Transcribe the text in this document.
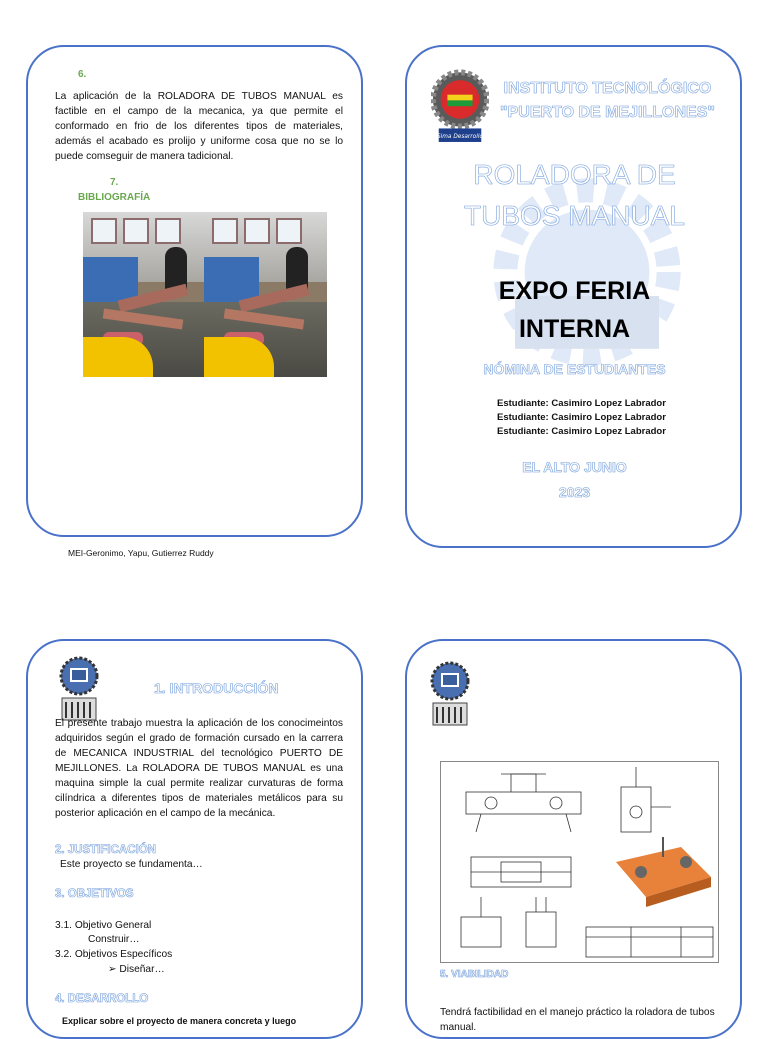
6.
La aplicación de la ROLADORA DE TUBOS MANUAL es factible en el campo de la mecanica, ya que permite el conformado en frio de los diferentes tipos de materiales, además el acabado es prolijo y uniforme cosa que no se lo puede comseguir de manera tadicional.
7.
BIBLIOGRAFÍA
MEI-Geronimo, Yapu, Gutierrez Ruddy
Sima Desarrollo
INSTITUTO TECNOLÓGICO
"PUERTO DE MEJILLONES"
ROLADORA DE
TUBOS MANUAL
EXPO FERIA
INTERNA
NÓMINA DE ESTUDIANTES
Estudiante: Casimiro Lopez Labrador
Estudiante: Casimiro Lopez Labrador
Estudiante: Casimiro Lopez Labrador
EL ALTO JUNIO
2023
1. INTRODUCCIÓN
El presente trabajo muestra la aplicación de los conocimeintos adquiridos según el grado de formación cursado en la carrera de MECANICA INDUSTRIAL del tecnológico PUERTO DE MEJILLONES. La ROLADORA DE TUBOS MANUAL es una maquina simple la cual permite realizar curvaturas de forma cilíndrica a diferentes tipos de materiales metálicos para su posterior aplicación en el campo de la mecánica.
2. JUSTIFICACIÓN
Este proyecto se fundamenta…
3. OBJETIVOS
3.1. Objetivo General
Construir…
3.2. Objetivos Específicos
➢ Diseñar…
4. DESARROLLO
Explicar sobre el proyecto de manera concreta y luego
5. VIABILIDAD
Tendrá factibilidad en el manejo práctico la roladora de tubos manual.
